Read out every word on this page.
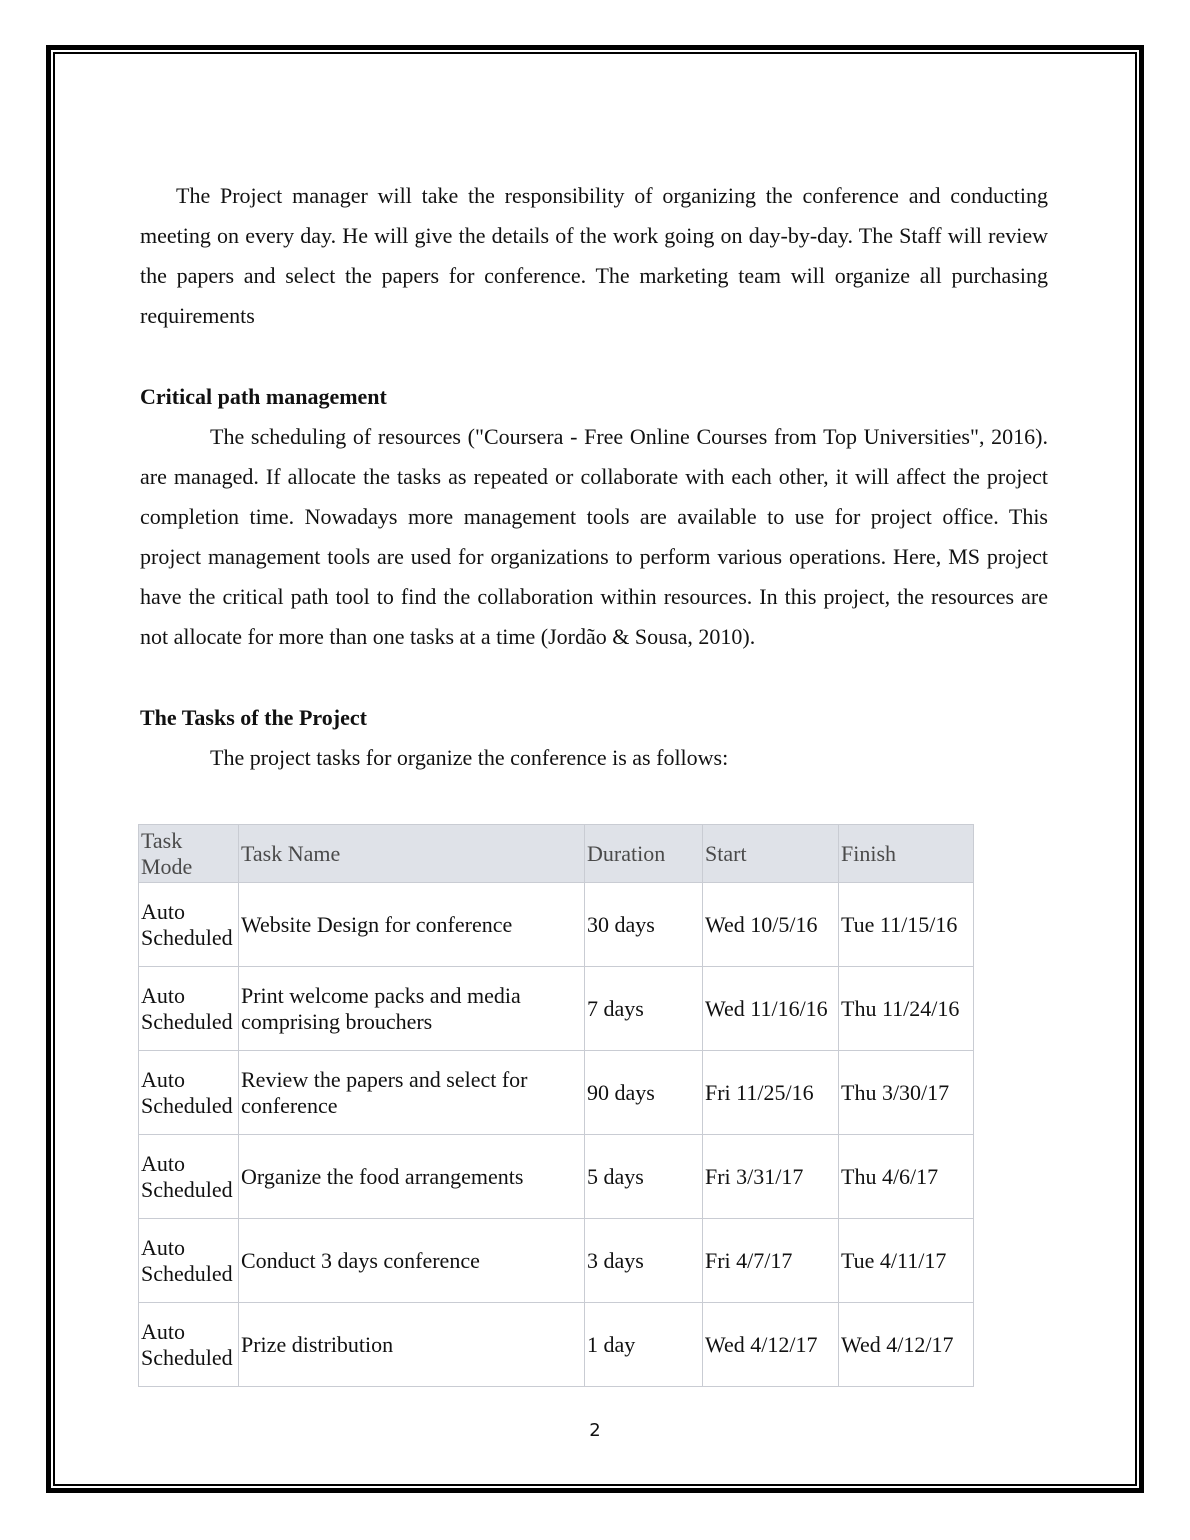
The Project manager will take the responsibility of organizing the conference and conducting meeting on every day. He will give the details of the work going on day-by-day. The Staff will review the papers and select the papers for conference. The marketing team will organize all purchasing requirements

Critical path management

The scheduling of resources ("Coursera - Free Online Courses from Top Universities", 2016). are managed. If allocate the tasks as repeated or collaborate with each other, it will affect the project completion time. Nowadays more management tools are available to use for project office. This project management tools are used for organizations to perform various operations. Here, MS project have the critical path tool to find the collaboration within resources. In this project, the resources are not allocate for more than one tasks at a time (Jordão & Sousa, 2010).

The Tasks of the Project

The project tasks for organize the conference is as follows:

Task Mode	Task Name	Duration	Start	Finish
Auto Scheduled	Website Design for conference	30 days	Wed 10/5/16	Tue 11/15/16
Auto Scheduled	Print welcome packs and media comprising brouchers	7 days	Wed 11/16/16	Thu 11/24/16
Auto Scheduled	Review the papers and select for conference	90 days	Fri 11/25/16	Thu 3/30/17
Auto Scheduled	Organize the food arrangements	5 days	Fri 3/31/17	Thu 4/6/17
Auto Scheduled	Conduct 3 days conference	3 days	Fri 4/7/17	Tue 4/11/17
Auto Scheduled	Prize distribution	1 day	Wed 4/12/17	Wed 4/12/17
2
